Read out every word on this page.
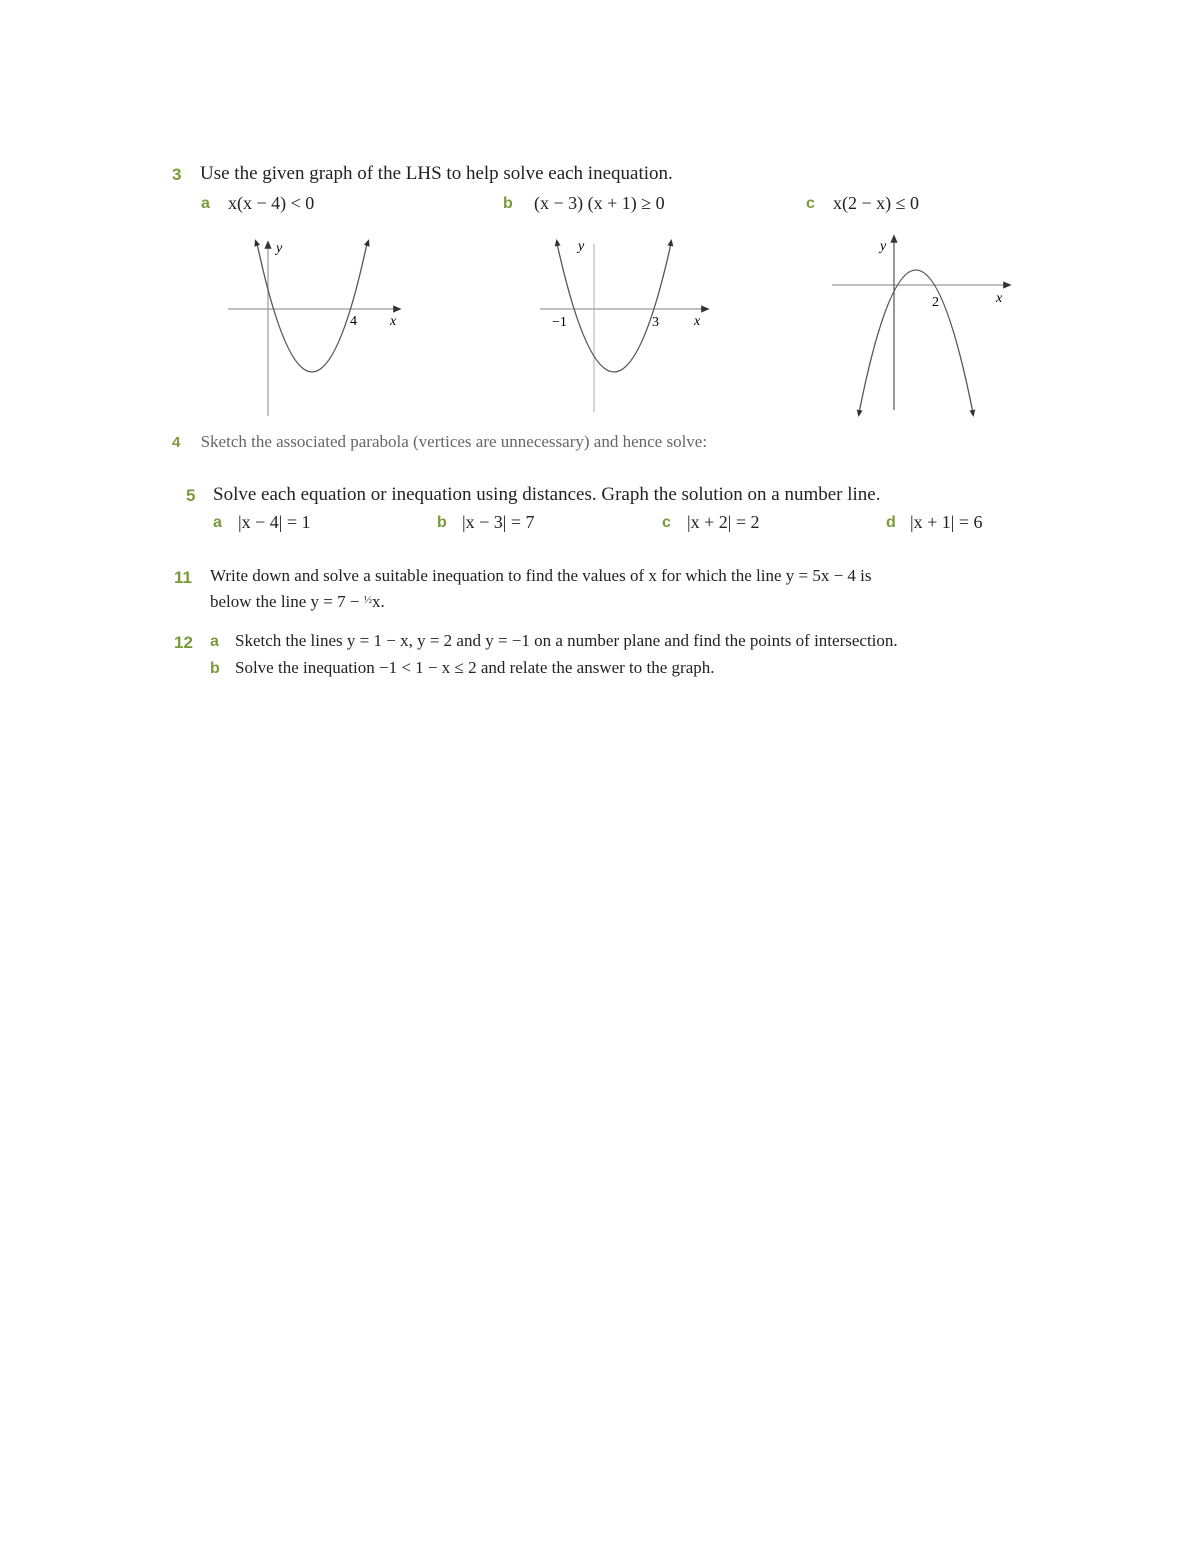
3 Use the given graph of the LHS to help solve each inequation.
a x(x − 4) < 0	b (x − 3) (x + 1) ≥ 0	c x(2 − x) ≤ 0
y
x
4
y
x
−1	3
y
x
2
4 Sketch the associated parabola (vertices are unnecessary) and hence solve:
5 Solve each equation or inequation using distances. Graph the solution on a number line.
a |x − 4| = 1	b |x − 3| = 7	c |x + 2| = 2	d |x + 1| = 6
11 Write down and solve a suitable inequation to find the values of x for which the line y = 5x − 4 is
below the line y = 7 − ½x.
12 a Sketch the lines y = 1 − x, y = 2 and y = −1 on a number plane and find the points of intersection.
b Solve the inequation −1 < 1 − x ≤ 2 and relate the answer to the graph.
